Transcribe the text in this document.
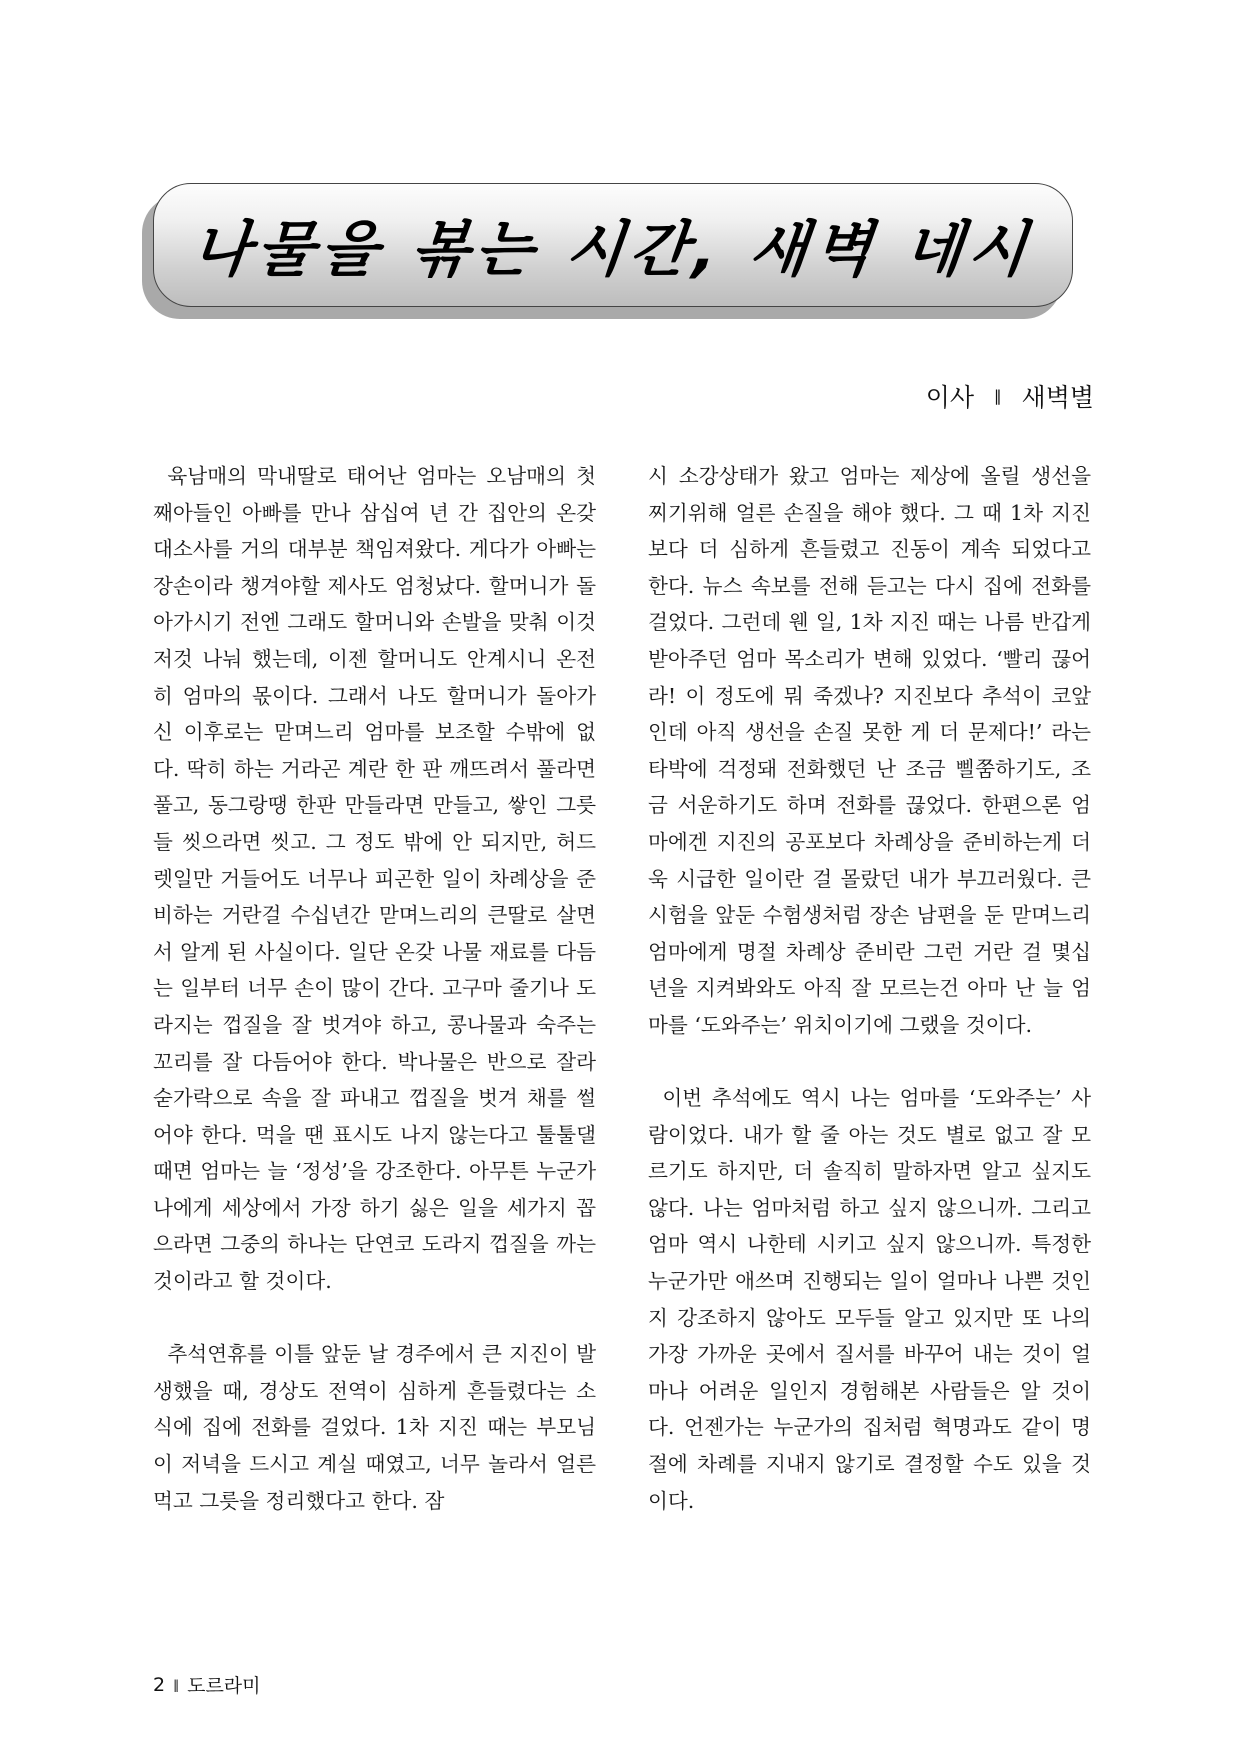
나물을 볶는 시간, 새벽 네시
이사 ‖ 새벽별

육남매의 막내딸로 태어난 엄마는 오남매의 첫째아들인 아빠를 만나 삼십여 년 간 집안의 온갖 대소사를 거의 대부분 책임져왔다. 게다가 아빠는 장손이라 챙겨야할 제사도 엄청났다. 할머니가 돌아가시기 전엔 그래도 할머니와 손발을 맞춰 이것저것 나눠 했는데, 이젠 할머니도 안계시니 온전히 엄마의 몫이다. 그래서 나도 할머니가 돌아가신 이후로는 맏며느리 엄마를 보조할 수밖에 없다. 딱히 하는 거라곤 계란 한 판 깨뜨려서 풀라면 풀고, 동그랑땡 한판 만들라면 만들고, 쌓인 그릇들 씻으라면 씻고. 그 정도 밖에 안 되지만, 허드렛일만 거들어도 너무나 피곤한 일이 차례상을 준비하는 거란걸 수십년간 맏며느리의 큰딸로 살면서 알게 된 사실이다. 일단 온갖 나물 재료를 다듬는 일부터 너무 손이 많이 간다. 고구마 줄기나 도라지는 껍질을 잘 벗겨야 하고, 콩나물과 숙주는 꼬리를 잘 다듬어야 한다. 박나물은 반으로 잘라 숟가락으로 속을 잘 파내고 껍질을 벗겨 채를 썰어야 한다. 먹을 땐 표시도 나지 않는다고 툴툴댈 때면 엄마는 늘 ‘정성’을 강조한다. 아무튼 누군가 나에게 세상에서 가장 하기 싫은 일을 세가지 꼽으라면 그중의 하나는 단연코 도라지 껍질을 까는 것이라고 할 것이다.

추석연휴를 이틀 앞둔 날 경주에서 큰 지진이 발생했을 때, 경상도 전역이 심하게 흔들렸다는 소식에 집에 전화를 걸었다. 1차 지진 때는 부모님이 저녁을 드시고 계실 때였고, 너무 놀라서 얼른 먹고 그릇을 정리했다고 한다. 잠

시 소강상태가 왔고 엄마는 제상에 올릴 생선을 찌기위해 얼른 손질을 해야 했다. 그 때 1차 지진보다 더 심하게 흔들렸고 진동이 계속 되었다고 한다. 뉴스 속보를 전해 듣고는 다시 집에 전화를 걸었다. 그런데 웬 일, 1차 지진 때는 나름 반갑게 받아주던 엄마 목소리가 변해 있었다. ‘빨리 끊어라! 이 정도에 뭐 죽겠나? 지진보다 추석이 코앞인데 아직 생선을 손질 못한 게 더 문제다!’ 라는 타박에 걱정돼 전화했던 난 조금 삘쭘하기도, 조금 서운하기도 하며 전화를 끊었다. 한편으론 엄마에겐 지진의 공포보다 차례상을 준비하는게 더욱 시급한 일이란 걸 몰랐던 내가 부끄러웠다. 큰 시험을 앞둔 수험생처럼 장손 남편을 둔 맏며느리 엄마에게 명절 차례상 준비란 그런 거란 걸 몇십년을 지켜봐와도 아직 잘 모르는건 아마 난 늘 엄마를 ‘도와주는’ 위치이기에 그랬을 것이다.

이번 추석에도 역시 나는 엄마를 ‘도와주는’ 사람이었다. 내가 할 줄 아는 것도 별로 없고 잘 모르기도 하지만, 더 솔직히 말하자면 알고 싶지도 않다. 나는 엄마처럼 하고 싶지 않으니까. 그리고 엄마 역시 나한테 시키고 싶지 않으니까. 특정한 누군가만 애쓰며 진행되는 일이 얼마나 나쁜 것인지 강조하지 않아도 모두들 알고 있지만 또 나의 가장 가까운 곳에서 질서를 바꾸어 내는 것이 얼마나 어려운 일인지 경험해본 사람들은 알 것이다. 언젠가는 누군가의 집처럼 혁명과도 같이 명절에 차례를 지내지 않기로 결정할 수도 있을 것이다.

2 ‖ 도르라미
